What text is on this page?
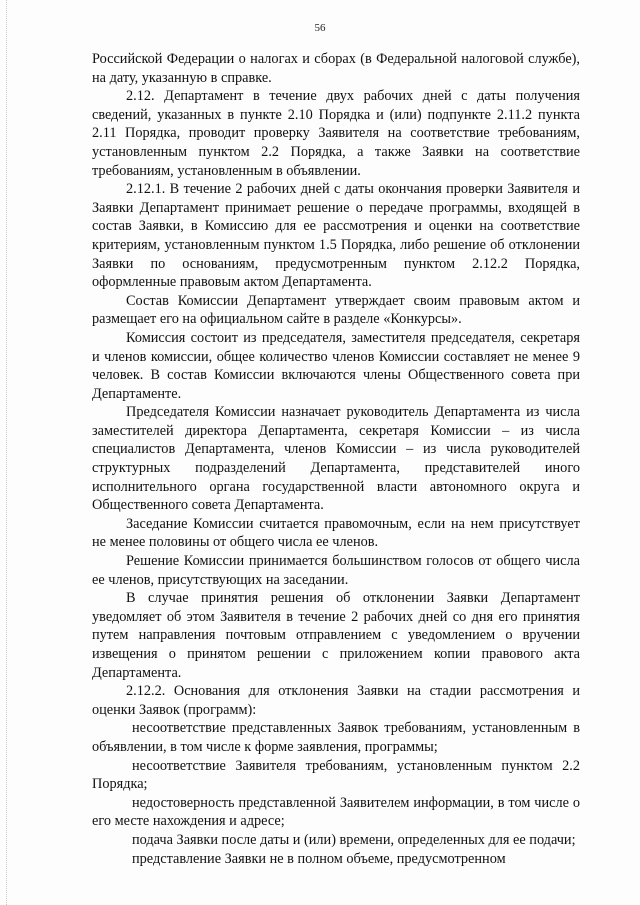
56

Российской Федерации о налогах и сборах (в Федеральной налоговой службе), на дату, указанную в справке.

2.12. Департамент в течение двух рабочих дней с даты получения сведений, указанных в пункте 2.10 Порядка и (или) подпункте 2.11.2 пункта 2.11 Порядка, проводит проверку Заявителя на соответствие требованиям, установленным пунктом 2.2 Порядка, а также Заявки на соответствие требованиям, установленным в объявлении.

2.12.1. В течение 2 рабочих дней с даты окончания проверки Заявителя и Заявки Департамент принимает решение о передаче программы, входящей в состав Заявки, в Комиссию для ее рассмотрения и оценки на соответствие критериям, установленным пунктом 1.5 Порядка, либо решение об отклонении Заявки по основаниям, предусмотренным пунктом 2.12.2 Порядка, оформленные правовым актом Департамента.

Состав Комиссии Департамент утверждает своим правовым актом и размещает его на официальном сайте в разделе «Конкурсы».

Комиссия состоит из председателя, заместителя председателя, секретаря и членов комиссии, общее количество членов Комиссии составляет не менее 9 человек. В состав Комиссии включаются члены Общественного совета при Департаменте.

Председателя Комиссии назначает руководитель Департамента из числа заместителей директора Департамента, секретаря Комиссии – из числа специалистов Департамента, членов Комиссии – из числа руководителей структурных подразделений Департамента, представителей иного исполнительного органа государственной власти автономного округа и Общественного совета Департамента.

Заседание Комиссии считается правомочным, если на нем присутствует не менее половины от общего числа ее членов.

Решение Комиссии принимается большинством голосов от общего числа ее членов, присутствующих на заседании.

В случае принятия решения об отклонении Заявки Департамент уведомляет об этом Заявителя в течение 2 рабочих дней со дня его принятия путем направления почтовым отправлением с уведомлением о вручении извещения о принятом решении с приложением копии правового акта Департамента.

2.12.2. Основания для отклонения Заявки на стадии рассмотрения и оценки Заявок (программ):

несоответствие представленных Заявок требованиям, установленным в объявлении, в том числе к форме заявления, программы;

несоответствие Заявителя требованиям, установленным пунктом 2.2 Порядка;

недостоверность представленной Заявителем информации, в том числе о его месте нахождения и адресе;

подача Заявки после даты и (или) времени, определенных для ее подачи;

представление Заявки не в полном объеме, предусмотренном
